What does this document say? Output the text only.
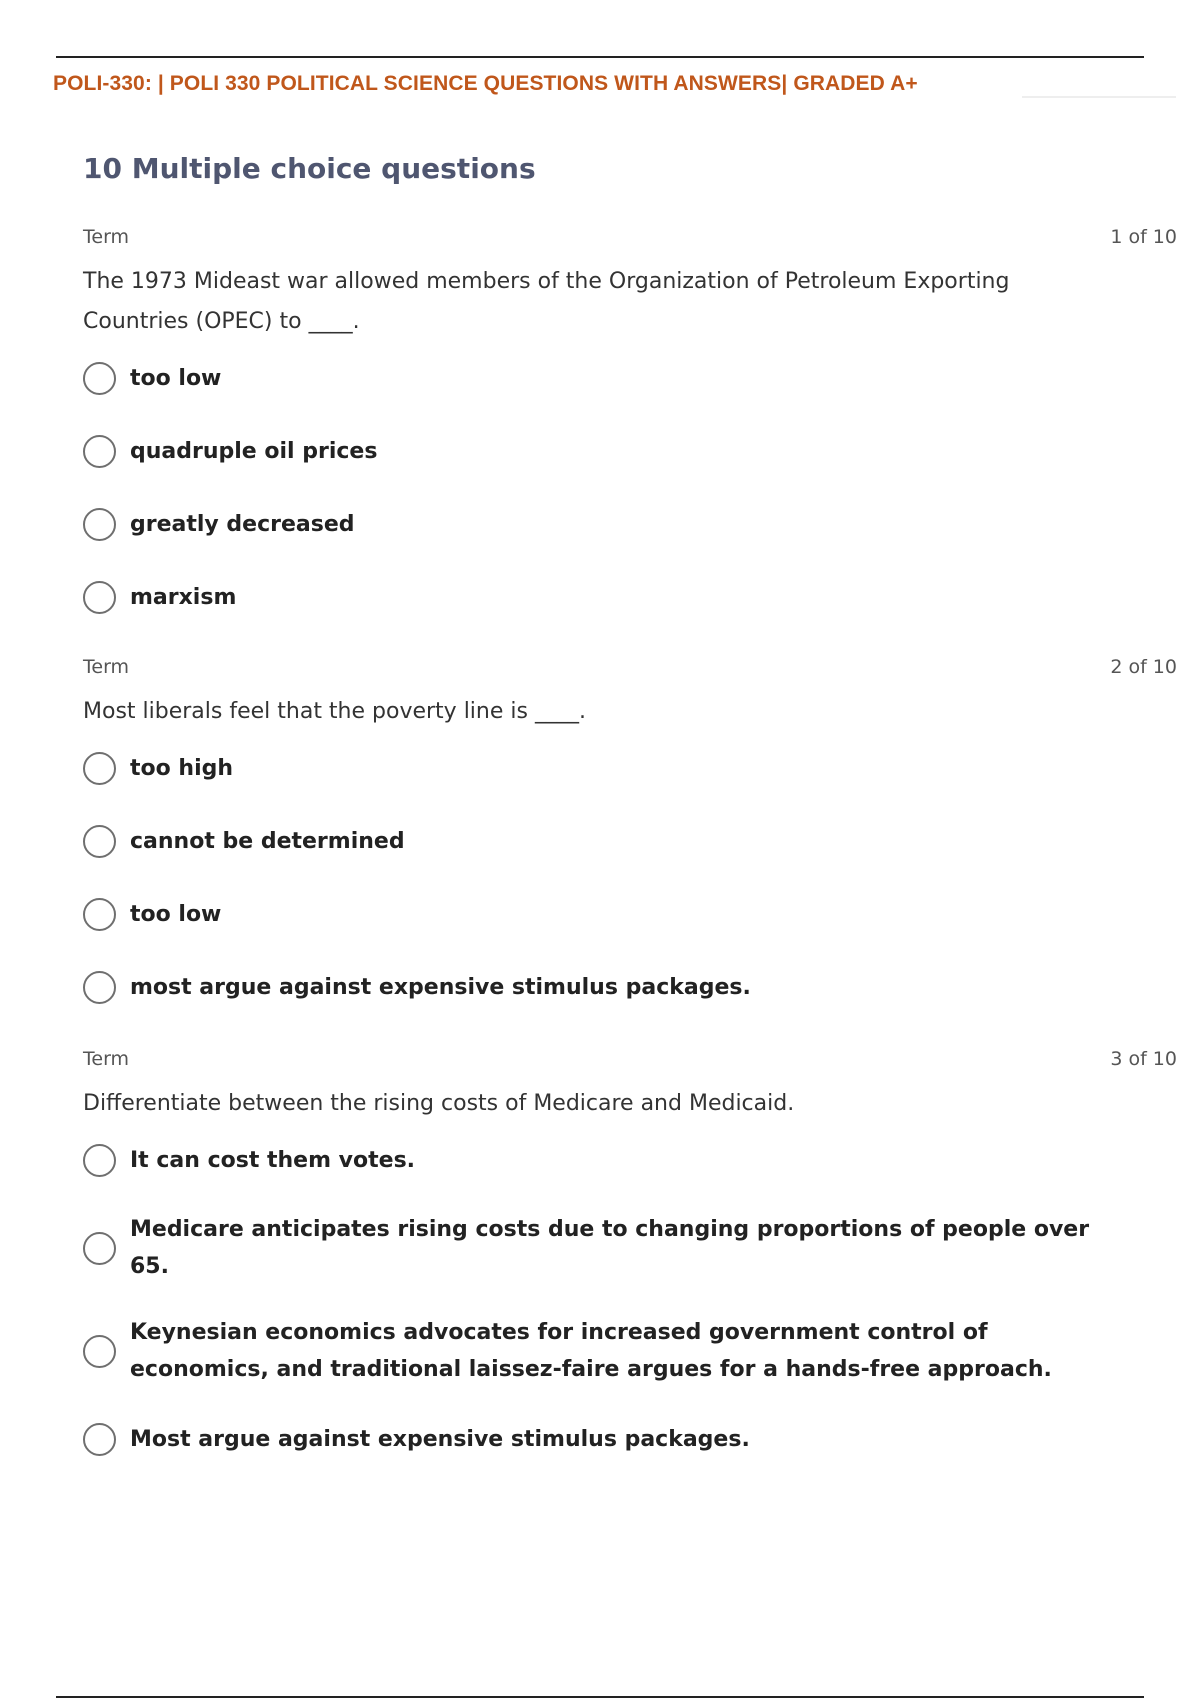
POLI-330: | POLI 330 POLITICAL SCIENCE QUESTIONS WITH ANSWERS| GRADED A+
10 Multiple choice questions
Term	1 of 10
The 1973 Mideast war allowed members of the Organization of Petroleum Exporting Countries (OPEC) to ____.
too low
quadruple oil prices
greatly decreased
marxism
Term	2 of 10
Most liberals feel that the poverty line is ____.
too high
cannot be determined
too low
most argue against expensive stimulus packages.
Term	3 of 10
Differentiate between the rising costs of Medicare and Medicaid.
It can cost them votes.
Medicare anticipates rising costs due to changing proportions of people over 65.
Keynesian economics advocates for increased government control of economics, and traditional laissez-faire argues for a hands-free approach.
Most argue against expensive stimulus packages.
